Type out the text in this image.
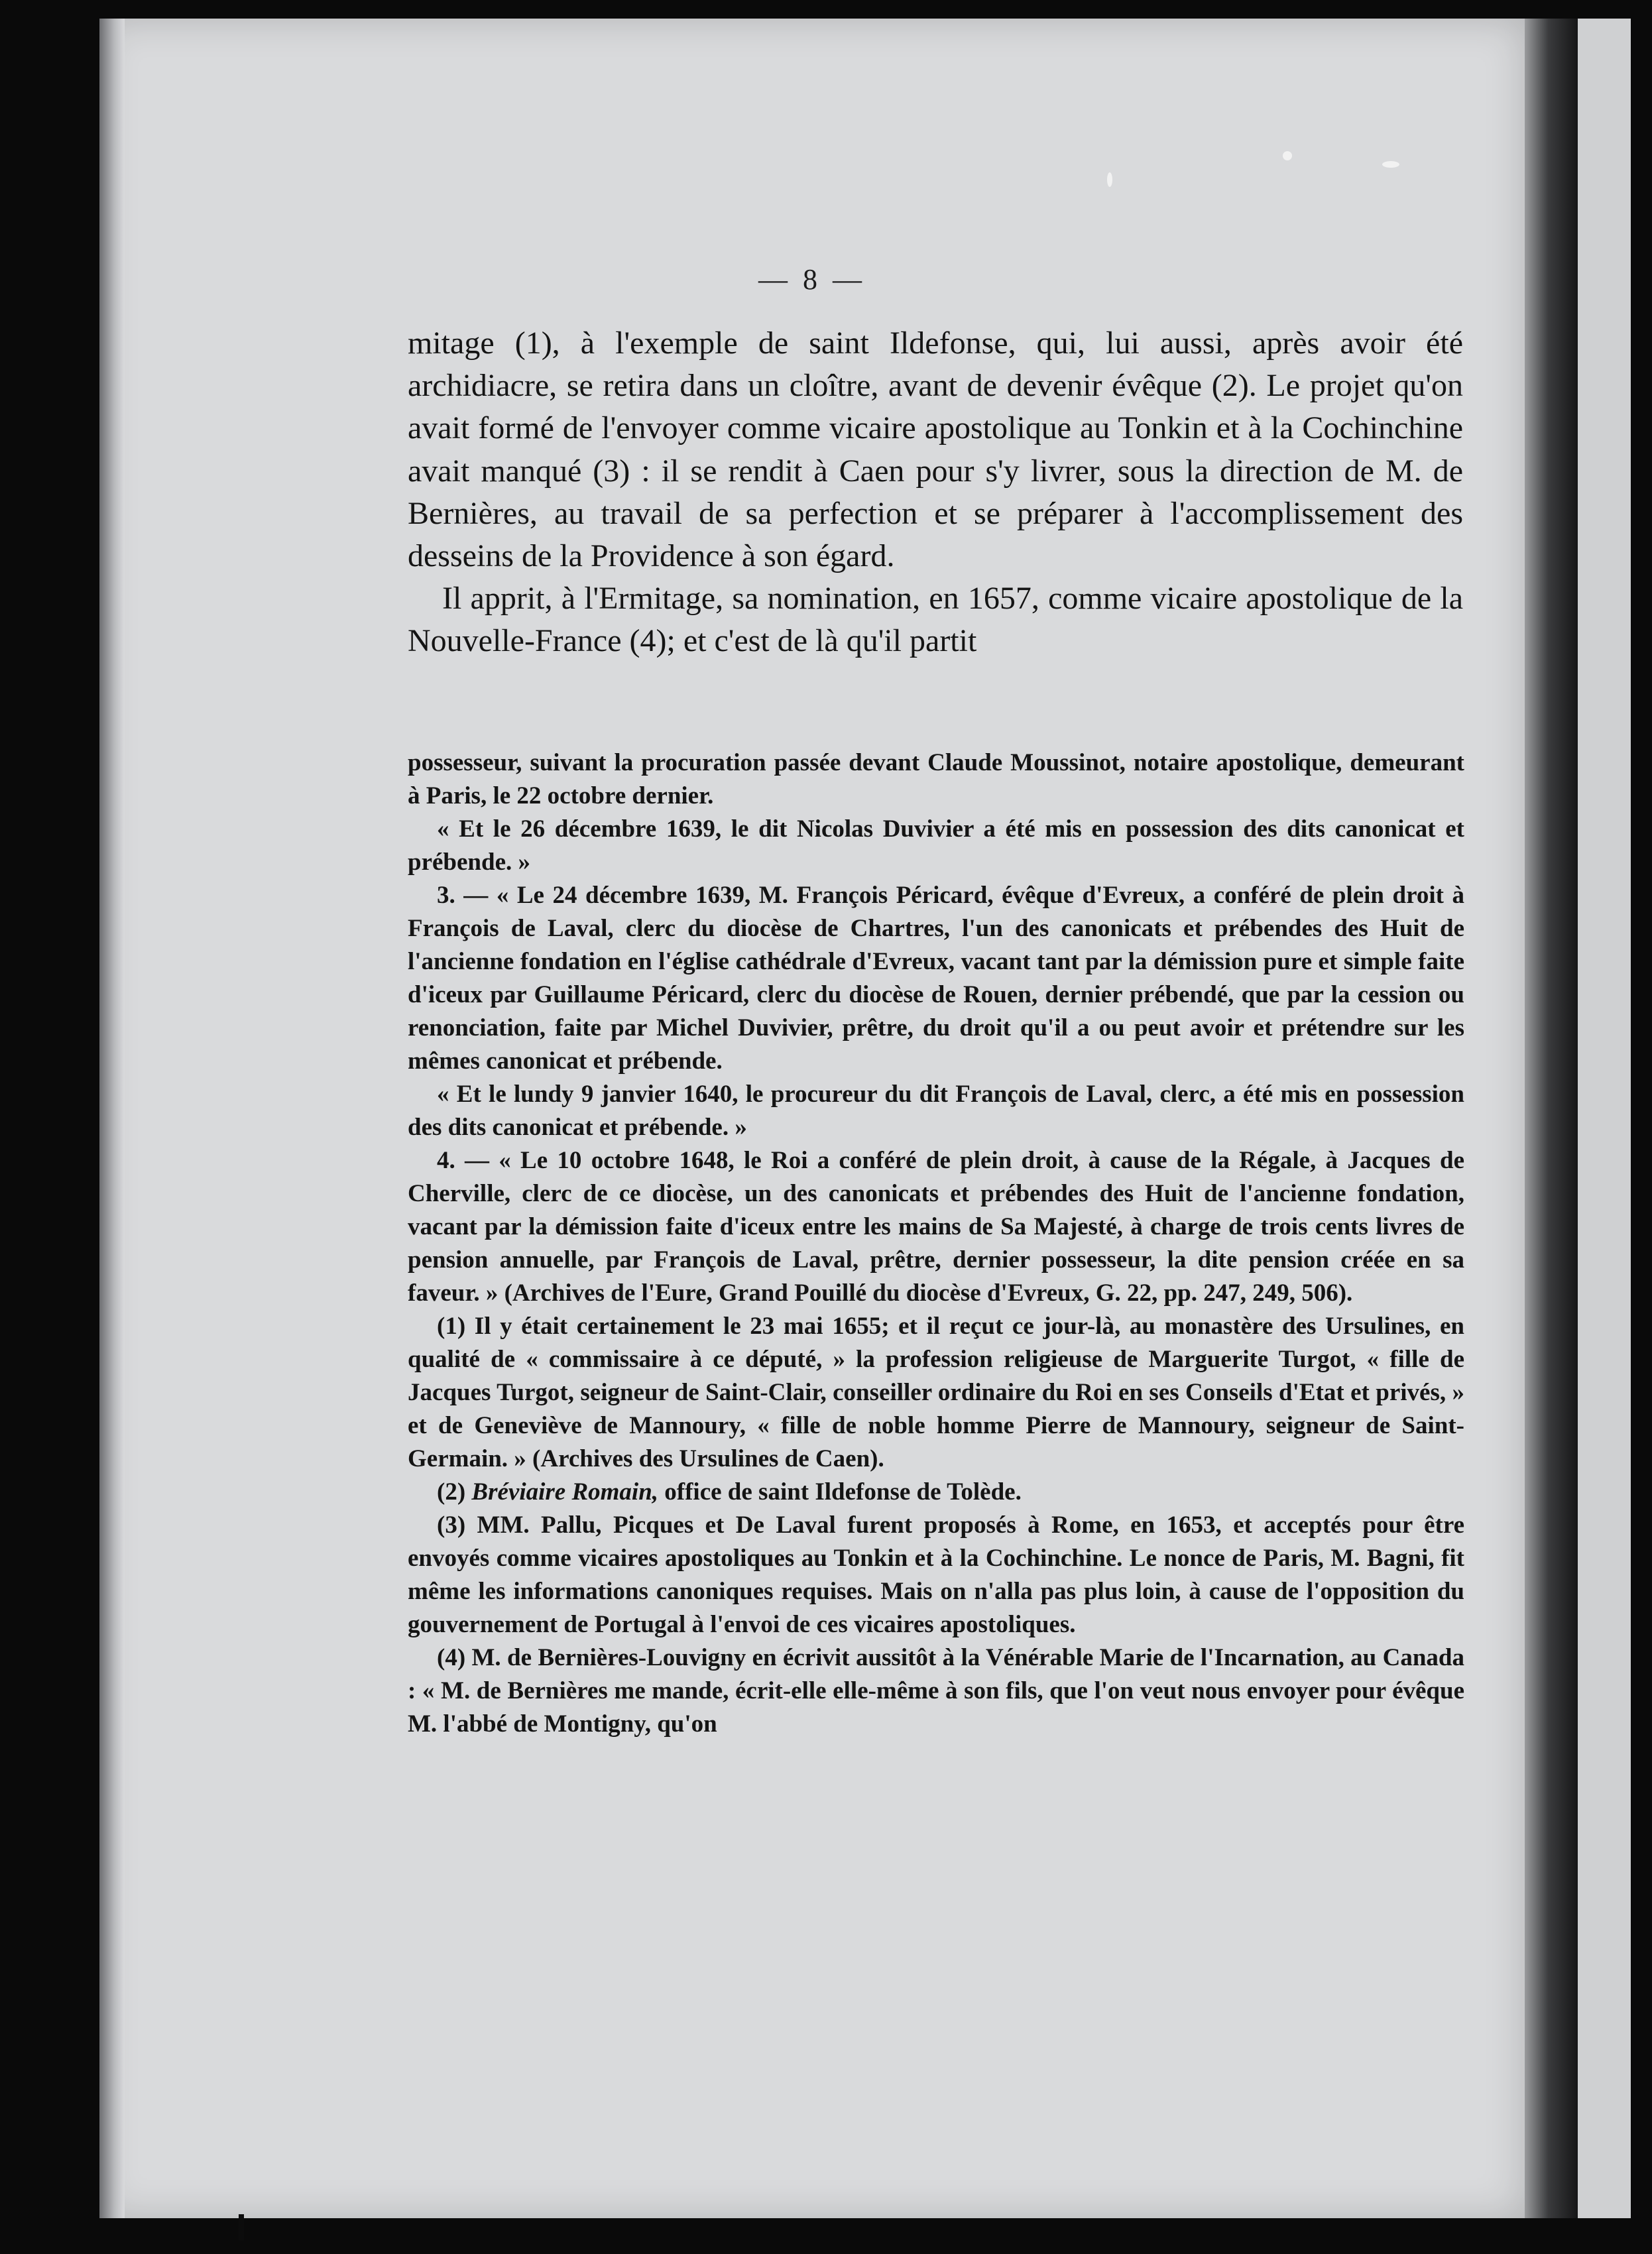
— 8 —

mitage (1), à l'exemple de saint Ildefonse, qui, lui aussi, après avoir été archidiacre, se retira dans un cloître, avant de devenir évêque (2). Le projet qu'on avait formé de l'envoyer comme vicaire apostolique au Tonkin et à la Cochinchine avait manqué (3) : il se rendit à Caen pour s'y livrer, sous la direction de M. de Bernières, au travail de sa perfection et se préparer à l'accomplissement des desseins de la Providence à son égard.

Il apprit, à l'Ermitage, sa nomination, en 1657, comme vicaire apostolique de la Nouvelle-France (4); et c'est de là qu'il partit

possesseur, suivant la procuration passée devant Claude Moussinot, notaire apostolique, demeurant à Paris, le 22 octobre dernier.

« Et le 26 décembre 1639, le dit Nicolas Duvivier a été mis en possession des dits canonicat et prébende. »

3. — « Le 24 décembre 1639, M. François Péricard, évêque d'Evreux, a conféré de plein droit à François de Laval, clerc du diocèse de Chartres, l'un des canonicats et prébendes des Huit de l'ancienne fondation en l'église cathédrale d'Evreux, vacant tant par la démission pure et simple faite d'iceux par Guillaume Péricard, clerc du diocèse de Rouen, dernier prébendé, que par la cession ou renonciation, faite par Michel Duvivier, prêtre, du droit qu'il a ou peut avoir et prétendre sur les mêmes canonicat et prébende.

« Et le lundy 9 janvier 1640, le procureur du dit François de Laval, clerc, a été mis en possession des dits canonicat et prébende. »

4. — « Le 10 octobre 1648, le Roi a conféré de plein droit, à cause de la Régale, à Jacques de Cherville, clerc de ce diocèse, un des canonicats et prébendes des Huit de l'ancienne fondation, vacant par la démission faite d'iceux entre les mains de Sa Majesté, à charge de trois cents livres de pension annuelle, par François de Laval, prêtre, dernier possesseur, la dite pension créée en sa faveur. » (Archives de l'Eure, Grand Pouillé du diocèse d'Evreux, G. 22, pp. 247, 249, 506).

(1) Il y était certainement le 23 mai 1655; et il reçut ce jour-là, au monastère des Ursulines, en qualité de « commissaire à ce député, » la profession religieuse de Marguerite Turgot, « fille de Jacques Turgot, seigneur de Saint-Clair, conseiller ordinaire du Roi en ses Conseils d'Etat et privés, » et de Geneviève de Mannoury, « fille de noble homme Pierre de Mannoury, seigneur de Saint-Germain. » (Archives des Ursulines de Caen).

(2) Bréviaire Romain, office de saint Ildefonse de Tolède.

(3) MM. Pallu, Picques et De Laval furent proposés à Rome, en 1653, et acceptés pour être envoyés comme vicaires apostoliques au Tonkin et à la Cochinchine. Le nonce de Paris, M. Bagni, fit même les informations canoniques requises. Mais on n'alla pas plus loin, à cause de l'opposition du gouvernement de Portugal à l'envoi de ces vicaires apostoliques.

(4) M. de Bernières-Louvigny en écrivit aussitôt à la Vénérable Marie de l'Incarnation, au Canada : « M. de Bernières me mande, écrit-elle elle-même à son fils, que l'on veut nous envoyer pour évêque M. l'abbé de Montigny, qu'on
